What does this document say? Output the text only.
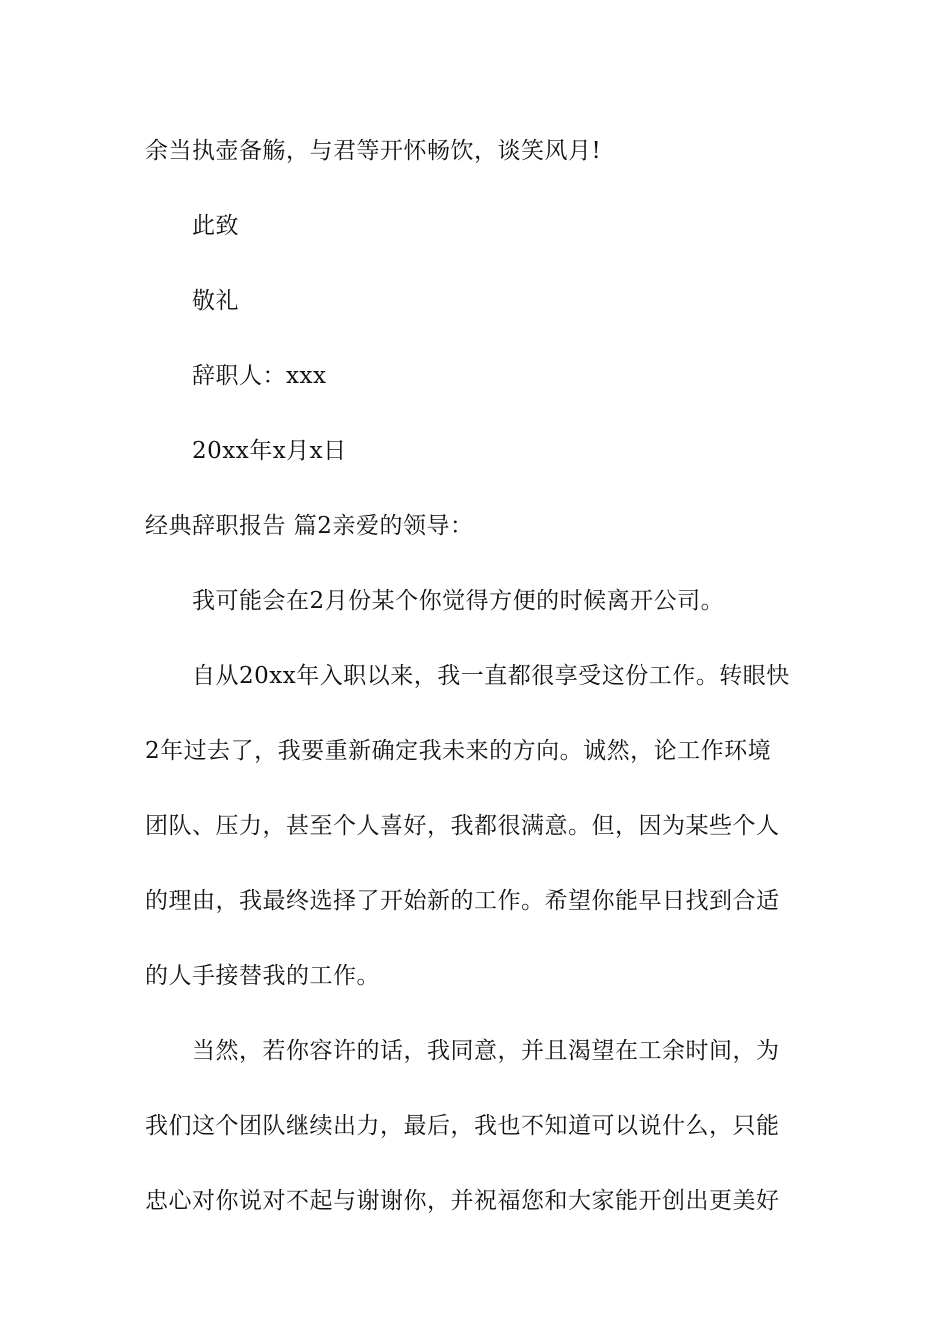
余当执壶备觞，与君等开怀畅饮，谈笑风月!
此致
敬礼
辞职人：xxx
20xx年x月x日
经典辞职报告 篇2亲爱的领导：
我可能会在2月份某个你觉得方便的时候离开公司。
自从20xx年入职以来，我一直都很享受这份工作。转眼快
2年过去了，我要重新确定我未来的方向。诚然，论工作环境
团队、压力，甚至个人喜好，我都很满意。但，因为某些个人
的理由，我最终选择了开始新的工作。希望你能早日找到合适
的人手接替我的工作。
当然，若你容许的话，我同意，并且渴望在工余时间，为
我们这个团队继续出力，最后，我也不知道可以说什么，只能
忠心对你说对不起与谢谢你，并祝福您和大家能开创出更美好
